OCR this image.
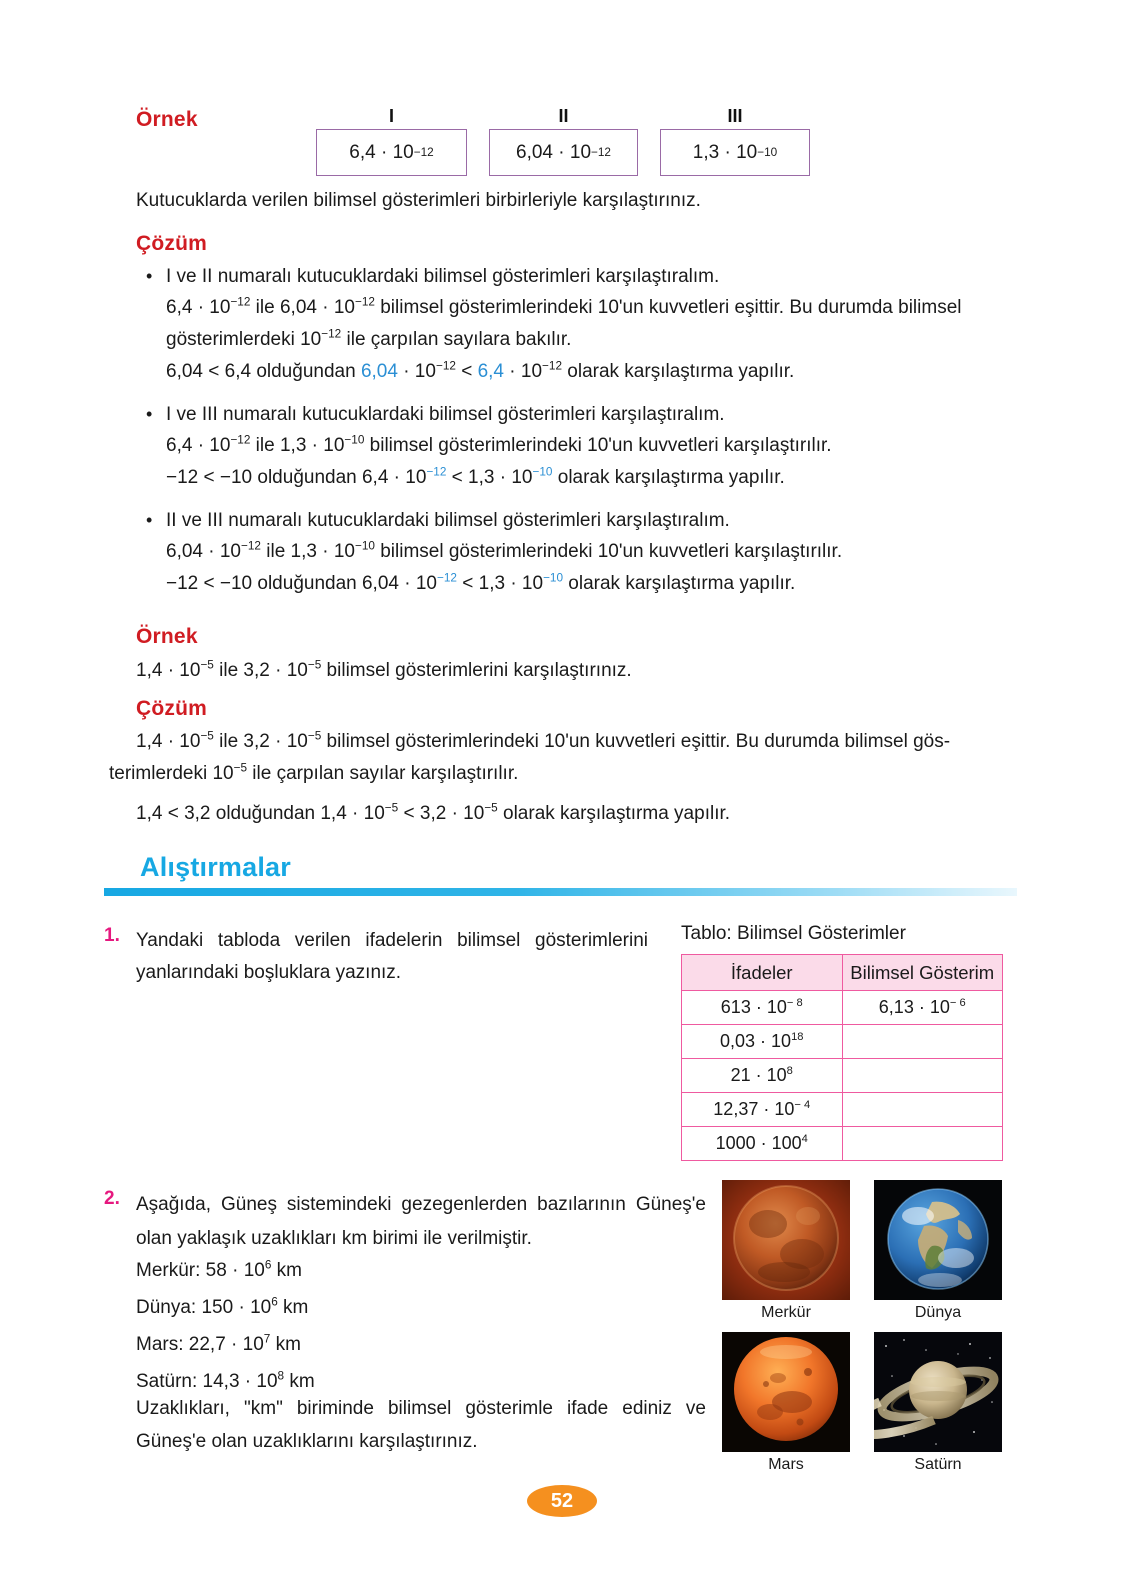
Örnek	I
6,4 · 10 −12
II
6,04 · 10 −12
III
1,3 · 10 −10
Kutucuklarda verilen bilimsel gösterimleri birbirleriyle karşılaştırınız.
Çözüm
• I ve II numaralı kutucuklardaki bilimsel gösterimleri karşılaştıralım.
$6,4 \cdot 10^{-12}$ ile $6,04 \cdot 10^{-12}$ bilimsel gösterimlerindeki 10'un kuvvetleri eşittir. Bu durumda bilimsel
gösterimlerdeki $10^{-12}$ ile çarpılan sayılara bakılır.
6,04 < 6,4 olduğundan $6,04 \cdot 10^{-12} < 6,4 \cdot 10^{-12}$ olarak karşılaştırma yapılır.
• I ve III numaralı kutucuklardaki bilimsel gösterimleri karşılaştıralım.
$6,4 \cdot 10^{-12}$ ile $1,3 \cdot 10^{-10}$ bilimsel gösterimlerindeki 10'un kuvvetleri karşılaştırılır.
−12 < −10 olduğundan $6,4 \cdot 10^{-12} < 1,3 \cdot 10^{-10}$ olarak karşılaştırma yapılır.
• II ve III numaralı kutucuklardaki bilimsel gösterimleri karşılaştıralım.
$6,04 \cdot 10^{-12}$ ile $1,3 \cdot 10^{-10}$ bilimsel gösterimlerindeki 10'un kuvvetleri karşılaştırılır.
−12 < −10 olduğundan $6,04 \cdot 10^{-12} < 1,3 \cdot 10^{-10}$ olarak karşılaştırma yapılır.
Örnek
$1,4 \cdot 10^{-5}$ ile $3,2 \cdot 10^{-5}$ bilimsel gösterimlerini karşılaştırınız.
Çözüm
$1,4 \cdot 10^{-5}$ ile $3,2 \cdot 10^{-5}$ bilimsel gösterimlerindeki 10'un kuvvetleri eşittir. Bu durumda bilimsel gös-
terimlerdeki $10^{-5}$ ile çarpılan sayılar karşılaştırılır.
1,4 < 3,2 olduğundan $1,4 \cdot 10^{-5} < 3,2 \cdot 10^{-5}$ olarak karşılaştırma yapılır.
Alıştırmalar
1. Yandaki tabloda verilen ifadelerin bilimsel gösterimlerini yanlarındaki boşluklara yazınız.
Tablo: Bilimsel Gösterimler
İfadeler	Bilimsel Gösterim
$613 \cdot 10^{- 8}$	$6,13 \cdot 10^{- 6}$
$0,03 \cdot 10^{18}$	
$21 \cdot 10^8$	
$12,37 \cdot 10^{- 4}$	
$1000 \cdot 100^4$	
2. Aşağıda, Güneş sistemindeki gezegenlerden bazılarının Güneş'e olan yaklaşık uzaklıkları km birimi ile verilmiştir.
Merkür: $58 \cdot 10^6$ km
Dünya: $150 \cdot 10^6$ km
Mars: $22,7 \cdot 10^7$ km
Satürn: $14,3 \cdot 10^8$ km
Uzaklıkları, "km" biriminde bilimsel gösterimle ifade ediniz ve Güneş'e olan uzaklıklarını karşılaştırınız.
Merkür	Dünya
Mars	Satürn
52
